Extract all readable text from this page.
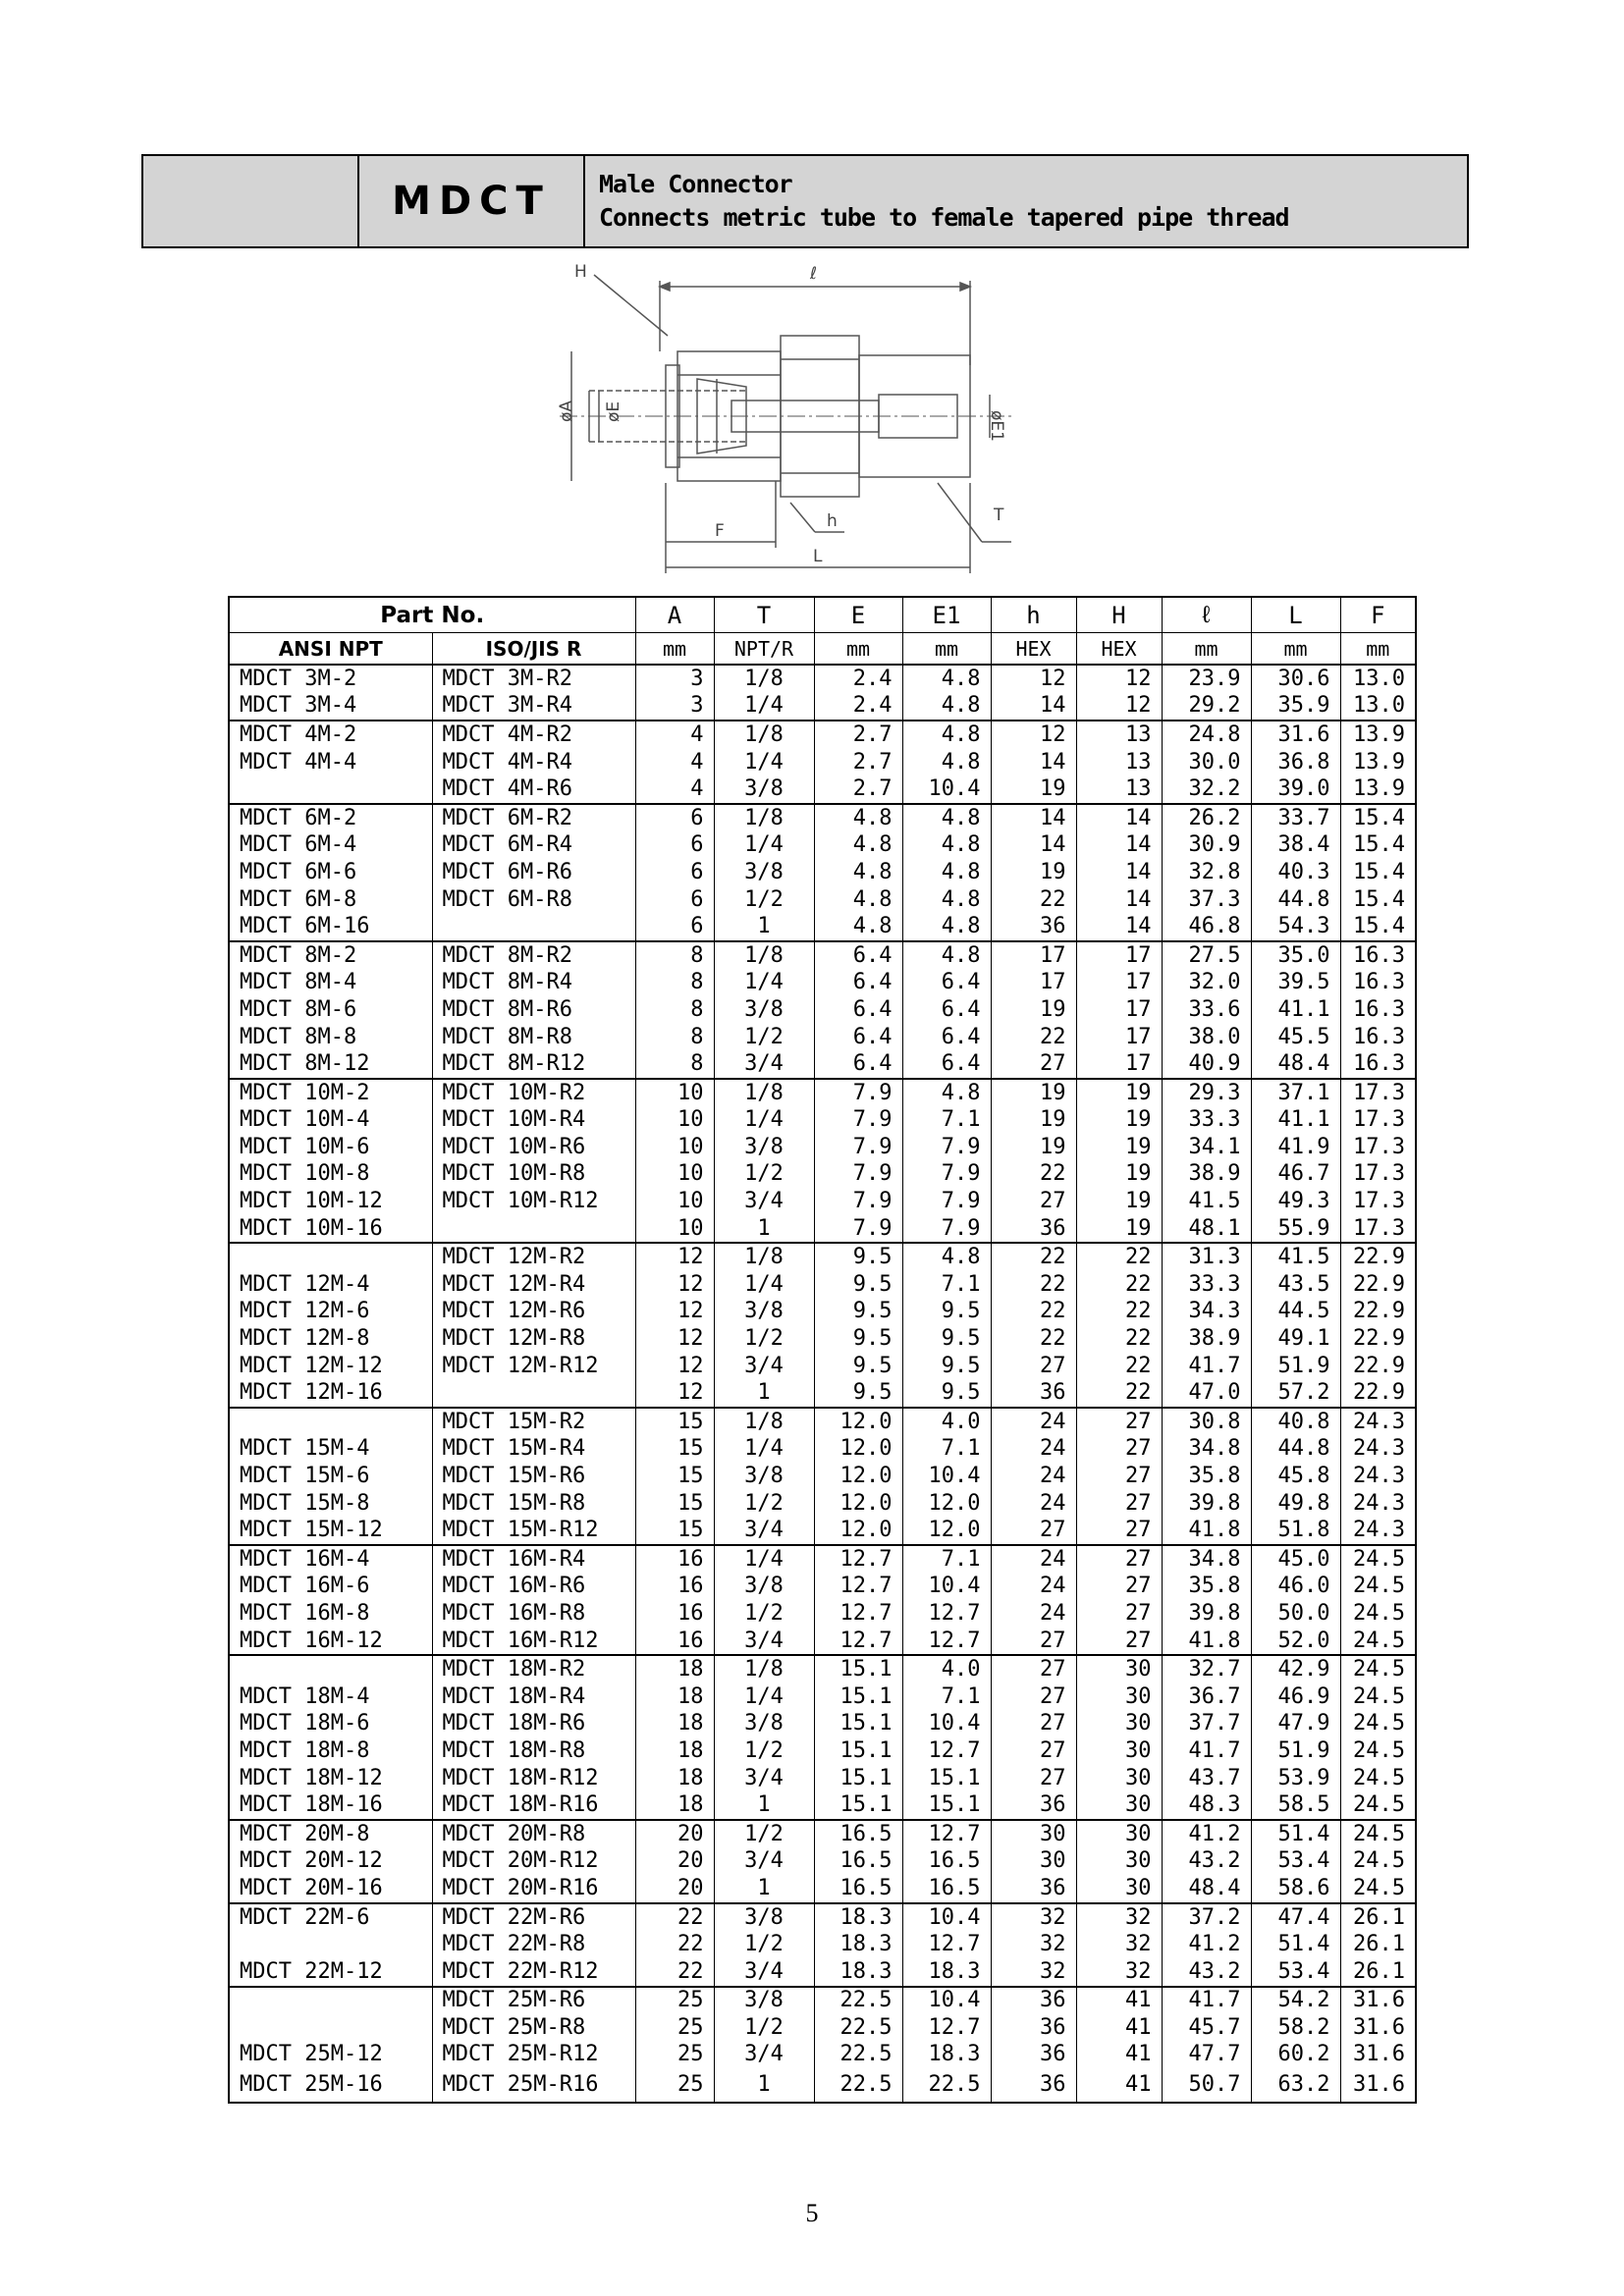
MDCT	Male Connector
Connects metric tube to female tapered pipe thread
H	ℓ
øA øE	øE1
F	h	T
L
Part No.		A	T	E	E1	h	H	ℓ	L	F
ANSI NPT	ISO/JIS R	mm	NPT/R	mm	mm	HEX	HEX	mm	mm	mm
MDCT 3M-2	MDCT 3M-R2	3	1/8	2.4	4.8	12	12	23.9	30.6	13.0
MDCT 3M-4	MDCT 3M-R4	3	1/4	2.4	4.8	14	12	29.2	35.9	13.0
MDCT 4M-2	MDCT 4M-R2	4	1/8	2.7	4.8	12	13	24.8	31.6	13.9
MDCT 4M-4	MDCT 4M-R4	4	1/4	2.7	4.8	14	13	30.0	36.8	13.9
	MDCT 4M-R6	4	3/8	2.7	10.4	19	13	32.2	39.0	13.9
MDCT 6M-2	MDCT 6M-R2	6	1/8	4.8	4.8	14	14	26.2	33.7	15.4
MDCT 6M-4	MDCT 6M-R4	6	1/4	4.8	4.8	14	14	30.9	38.4	15.4
MDCT 6M-6	MDCT 6M-R6	6	3/8	4.8	4.8	19	14	32.8	40.3	15.4
MDCT 6M-8	MDCT 6M-R8	6	1/2	4.8	4.8	22	14	37.3	44.8	15.4
MDCT 6M-16		6	1	4.8	4.8	36	14	46.8	54.3	15.4
MDCT 8M-2	MDCT 8M-R2	8	1/8	6.4	4.8	17	17	27.5	35.0	16.3
MDCT 8M-4	MDCT 8M-R4	8	1/4	6.4	6.4	17	17	32.0	39.5	16.3
MDCT 8M-6	MDCT 8M-R6	8	3/8	6.4	6.4	19	17	33.6	41.1	16.3
MDCT 8M-8	MDCT 8M-R8	8	1/2	6.4	6.4	22	17	38.0	45.5	16.3
MDCT 8M-12	MDCT 8M-R12	8	3/4	6.4	6.4	27	17	40.9	48.4	16.3
MDCT 10M-2	MDCT 10M-R2	10	1/8	7.9	4.8	19	19	29.3	37.1	17.3
MDCT 10M-4	MDCT 10M-R4	10	1/4	7.9	7.1	19	19	33.3	41.1	17.3
MDCT 10M-6	MDCT 10M-R6	10	3/8	7.9	7.9	19	19	34.1	41.9	17.3
MDCT 10M-8	MDCT 10M-R8	10	1/2	7.9	7.9	22	19	38.9	46.7	17.3
MDCT 10M-12	MDCT 10M-R12	10	3/4	7.9	7.9	27	19	41.5	49.3	17.3
MDCT 10M-16		10	1	7.9	7.9	36	19	48.1	55.9	17.3
	MDCT 12M-R2	12	1/8	9.5	4.8	22	22	31.3	41.5	22.9
MDCT 12M-4	MDCT 12M-R4	12	1/4	9.5	7.1	22	22	33.3	43.5	22.9
MDCT 12M-6	MDCT 12M-R6	12	3/8	9.5	9.5	22	22	34.3	44.5	22.9
MDCT 12M-8	MDCT 12M-R8	12	1/2	9.5	9.5	22	22	38.9	49.1	22.9
MDCT 12M-12	MDCT 12M-R12	12	3/4	9.5	9.5	27	22	41.7	51.9	22.9
MDCT 12M-16		12	1	9.5	9.5	36	22	47.0	57.2	22.9
	MDCT 15M-R2	15	1/8	12.0	4.0	24	27	30.8	40.8	24.3
MDCT 15M-4	MDCT 15M-R4	15	1/4	12.0	7.1	24	27	34.8	44.8	24.3
MDCT 15M-6	MDCT 15M-R6	15	3/8	12.0	10.4	24	27	35.8	45.8	24.3
MDCT 15M-8	MDCT 15M-R8	15	1/2	12.0	12.0	24	27	39.8	49.8	24.3
MDCT 15M-12	MDCT 15M-R12	15	3/4	12.0	12.0	27	27	41.8	51.8	24.3
MDCT 16M-4	MDCT 16M-R4	16	1/4	12.7	7.1	24	27	34.8	45.0	24.5
MDCT 16M-6	MDCT 16M-R6	16	3/8	12.7	10.4	24	27	35.8	46.0	24.5
MDCT 16M-8	MDCT 16M-R8	16	1/2	12.7	12.7	24	27	39.8	50.0	24.5
MDCT 16M-12	MDCT 16M-R12	16	3/4	12.7	12.7	27	27	41.8	52.0	24.5
	MDCT 18M-R2	18	1/8	15.1	4.0	27	30	32.7	42.9	24.5
MDCT 18M-4	MDCT 18M-R4	18	1/4	15.1	7.1	27	30	36.7	46.9	24.5
MDCT 18M-6	MDCT 18M-R6	18	3/8	15.1	10.4	27	30	37.7	47.9	24.5
MDCT 18M-8	MDCT 18M-R8	18	1/2	15.1	12.7	27	30	41.7	51.9	24.5
MDCT 18M-12	MDCT 18M-R12	18	3/4	15.1	15.1	27	30	43.7	53.9	24.5
MDCT 18M-16	MDCT 18M-R16	18	1	15.1	15.1	36	30	48.3	58.5	24.5
MDCT 20M-8	MDCT 20M-R8	20	1/2	16.5	12.7	30	30	41.2	51.4	24.5
MDCT 20M-12	MDCT 20M-R12	20	3/4	16.5	16.5	30	30	43.2	53.4	24.5
MDCT 20M-16	MDCT 20M-R16	20	1	16.5	16.5	36	30	48.4	58.6	24.5
MDCT 22M-6	MDCT 22M-R6	22	3/8	18.3	10.4	32	32	37.2	47.4	26.1
	MDCT 22M-R8	22	1/2	18.3	12.7	32	32	41.2	51.4	26.1
MDCT 22M-12	MDCT 22M-R12	22	3/4	18.3	18.3	32	32	43.2	53.4	26.1
	MDCT 25M-R6	25	3/8	22.5	10.4	36	41	41.7	54.2	31.6
	MDCT 25M-R8	25	1/2	22.5	12.7	36	41	45.7	58.2	31.6
MDCT 25M-12	MDCT 25M-R12	25	3/4	22.5	18.3	36	41	47.7	60.2	31.6
MDCT 25M-16	MDCT 25M-R16	25	1	22.5	22.5	36	41	50.7	63.2	31.6
5
